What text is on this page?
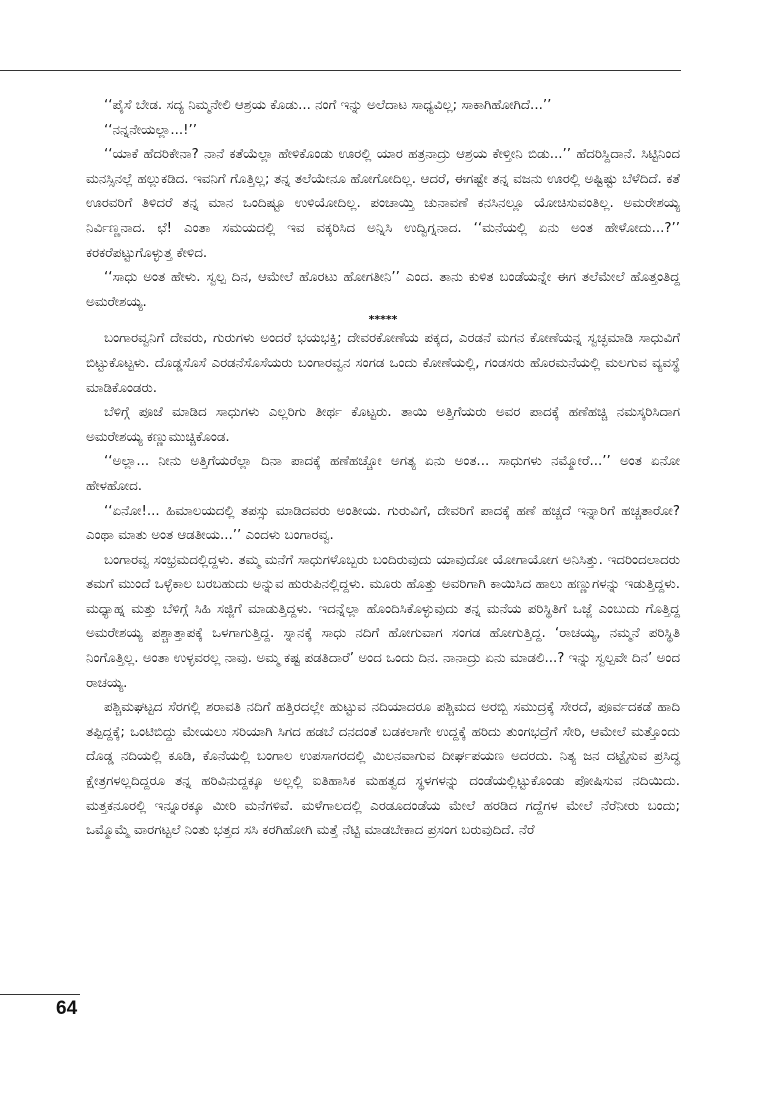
‘‘ಪೈಸೆ ಬೇಡ. ಸದ್ಯ ನಿಮ್ಮನೇಲಿ ಆಶ್ರಯ ಕೊಡು... ನಂಗೆ ಇನ್ನು ಅಲೆದಾಟ ಸಾಧ್ಯವಿಲ್ಲ; ಸಾಕಾಗಿಹೋಗಿದೆ...’’

‘‘ನನ್ನನೇಯಲ್ಲಾ...!’’

‘‘ಯಾಕೆ ಹೆದರಿಕೇನಾ? ನಾನೆ ಕತೆಯೆಲ್ಲಾ ಹೇಳಿಕೊಂಡು ಊರಲ್ಲಿ ಯಾರ ಹತ್ರನಾದ್ರು ಆಶ್ರಯ ಕೇಳ್ತೀನಿ ಬಿಡು...’’ ಹೆದರಿಸ್ದಿದಾನೆ. ಸಿಟ್ಟಿನಿಂದ ಮನಸ್ಸಿನಲ್ಲೆ ಹಲ್ಲುಕಡಿದ. ಇವನಿಗೆ ಗೊತ್ತಿಲ್ಲ; ತನ್ನ ತಲೆಯೇನೂ ಹೋಗೋದಿಲ್ಲ. ಆದರೆ, ಈಗಷ್ಟೇ ತನ್ನ ವಜನು ಊರಲ್ಲಿ ಅಷ್ಟಿಷ್ಟು ಬೆಳೆದಿದೆ. ಕತೆ ಊರವರಿಗೆ ತಿಳಿದರೆ ತನ್ನ ಮಾನ ಒಂದಿಷ್ಟೂ ಉಳಿಯೋದಿಲ್ಲ. ಪಂಚಾಯ್ತಿ ಚುನಾವಣೆ ಕನಸಿನಲ್ಲೂ ಯೋಚಿಸುವಂತಿಲ್ಲ. ಅಮರೇಶಯ್ಯ ನಿರ್ವಿಣ್ಣನಾದ. ಛೆ! ಎಂತಾ ಸಮಯದಲ್ಲಿ ಇವ ವಕ್ಕರಿಸಿದ ಅನ್ನಿಸಿ ಉದ್ವಿಗ್ನನಾದ. ‘‘ಮನೆಯಲ್ಲಿ ಏನು ಅಂತ ಹೇಳೋದು...?’’ ಕರಕರೆಪಟ್ಟುಗೊಳ್ಳುತ್ತ ಕೇಳಿದ.

‘‘ಸಾಧು ಅಂತ ಹೇಳು. ಸ್ವಲ್ಪ ದಿನ, ಆಮೇಲೆ ಹೊರಟು ಹೋಗತೀನಿ’’ ಎಂದ. ತಾನು ಕುಳಿತ ಬಂಡೆಯನ್ನೇ ಈಗ ತಲೆಮೇಲೆ ಹೊತ್ತಂತಿದ್ದ ಅಮರೇಶಯ್ಯ.

*****

ಬಂಗಾರವ್ವನಿಗೆ ದೇವರು, ಗುರುಗಳು ಅಂದರೆ ಭಯಭಕ್ತಿ; ದೇವರಕೋಣೆಯ ಪಕ್ಕದ, ಎರಡನೆ ಮಗನ ಕೋಣೆಯನ್ನ ಸ್ವಚ್ಛಮಾಡಿ ಸಾಧುವಿಗೆ ಬಿಟ್ಟುಕೊಟ್ಟಳು. ದೊಡ್ಡಸೊಸೆ ಎರಡನೆಸೊಸೆಯರು ಬಂಗಾರವ್ವನ ಸಂಗಡ ಒಂದು ಕೋಣೆಯಲ್ಲಿ, ಗಂಡಸರು ಹೊರಮನೆಯಲ್ಲಿ ಮಲಗುವ ವ್ಯವಸ್ಥೆ ಮಾಡಿಕೊಂಡರು.

ಬೆಳಿಗ್ಗೆ ಪೂಜೆ ಮಾಡಿದ ಸಾಧುಗಳು ಎಲ್ಲರಿಗು ತೀರ್ಥ ಕೊಟ್ಟರು. ತಾಯಿ ಅತ್ತಿಗೆಯರು ಅವರ ಪಾದಕ್ಕೆ ಹಣೆಹಚ್ಚಿ ನಮಸ್ಕರಿಸಿದಾಗ ಅಮರೇಶಯ್ಯ ಕಣ್ಣುಮುಚ್ಚಿಕೊಂಡ.

‘‘ಅಲ್ಲಾ... ನೀನು ಅತ್ತಿಗೆಯರೆಲ್ಲಾ ದಿನಾ ಪಾದಕ್ಕೆ ಹಣೆಹಚ್ಚೋ ಅಗತ್ಯ ಏನು ಅಂತ... ಸಾಧುಗಳು ನಮ್ಮೋರೆ...’’ ಅಂತ ಏನೋ ಹೇಳಹೋದ.

‘‘ಏನೋ!... ಹಿಮಾಲಯದಲ್ಲಿ ತಪಸ್ಸು ಮಾಡಿದವರು ಅಂತೀಯ. ಗುರುವಿಗೆ, ದೇವರಿಗೆ ಪಾದಕ್ಕೆ ಹಣೆ ಹಚ್ಚದೆ ಇನ್ನಾರಿಗೆ ಹಚ್ಚತಾರೋ? ಎಂಥಾ ಮಾತು ಅಂತ ಆಡತೀಯ...’’ ಎಂದಳು ಬಂಗಾರವ್ವ.

ಬಂಗಾರವ್ವ ಸಂಭ್ರಮದಲ್ಲಿದ್ದಳು. ತಮ್ಮ ಮನೆಗೆ ಸಾಧುಗಳೊಬ್ಬರು ಬಂದಿರುವುದು ಯಾವುದೋ ಯೋಗಾಯೋಗ ಅನಿಸಿತ್ತು. ಇದರಿಂದಲಾದರು ತಮಗೆ ಮುಂದೆ ಒಳ್ಳೆಕಾಲ ಬರಬಹುದು ಅನ್ನುವ ಹುರುಪಿನಲ್ಲಿದ್ದಳು. ಮೂರು ಹೊತ್ತು ಅವರಿಗಾಗಿ ಕಾಯಿಸಿದ ಹಾಲು ಹಣ್ಣುಗಳನ್ನು ಇಡುತ್ತಿದ್ದಳು. ಮಧ್ಯಾಹ್ನ ಮತ್ತು ಬೆಳಿಗ್ಗೆ ಸಿಹಿ ಸಜ್ಜಿಗೆ ಮಾಡುತ್ತಿದ್ದಳು. ಇದನ್ನೆಲ್ಲಾ ಹೊಂದಿಸಿಕೊಳ್ಳುವುದು ತನ್ನ ಮನೆಯ ಪರಿಸ್ಥಿತಿಗೆ ಒಜ್ಜೆ ಎಂಬುದು ಗೊತ್ತಿದ್ದ ಅಮರೇಶಯ್ಯ ಪಶ್ಚಾತ್ತಾಪಕ್ಕೆ ಒಳಗಾಗುತ್ತಿದ್ದ. ಸ್ನಾನಕ್ಕೆ ಸಾಧು ನದಿಗೆ ಹೋಗುವಾಗ ಸಂಗಡ ಹೋಗುತ್ತಿದ್ದ. ‘ರಾಚಯ್ಯ, ನಮ್ಮನೆ ಪರಿಸ್ಥಿತಿ ನಿಂಗೊತ್ತಿಲ್ಲ. ಅಂತಾ ಉಳ್ಳವರಲ್ಲ ನಾವು. ಅಮ್ಮ ಕಷ್ಟ ಪಡತಿದಾರೆ’ ಅಂದ ಒಂದು ದಿನ. ನಾನಾದ್ರು ಏನು ಮಾಡಲಿ...? ಇನ್ನು ಸ್ವಲ್ಪವೇ ದಿನ’ ಅಂದ ರಾಚಯ್ಯ.

ಪಶ್ಚಿಮಘಟ್ಟದ ಸೆರಗಲ್ಲಿ ಶರಾವತಿ ನದಿಗೆ ಹತ್ತಿರದಲ್ಲೇ ಹುಟ್ಟುವ ನದಿಯಾದರೂ ಪಶ್ಚಿಮದ ಅರಬ್ಬಿ ಸಮುದ್ರಕ್ಕೆ ಸೇರದೆ, ಪೂರ್ವದಕಡೆ ಹಾದಿ ತಪ್ಪಿದ್ದಕ್ಕೆ; ಒಂಟಿಬಿದ್ದು ಮೇಯಲು ಸರಿಯಾಗಿ ಸಿಗದ ಹಡಬೆ ದನದಂತೆ ಬಡಕಲಾಗೇ ಉದ್ದಕ್ಕೆ ಹರಿದು ತುಂಗಭದ್ರೆಗೆ ಸೇರಿ, ಆಮೇಲೆ ಮತ್ತೊಂದು ದೊಡ್ಡ ನದಿಯಲ್ಲಿ ಕೂಡಿ, ಕೊನೆಯಲ್ಲಿ ಬಂಗಾಲ ಉಪಸಾಗರದಲ್ಲಿ ಮಿಲನವಾಗುವ ದೀರ್ಘಪಯಣ ಅದರದು. ನಿತ್ಯ ಜನ ದಟ್ಟೈಸುವ ಪ್ರಸಿದ್ಧ ಕ್ಷೇತ್ರಗಳಲ್ಲದಿದ್ದರೂ ತನ್ನ ಹರಿವಿನುದ್ದಕ್ಕೂ ಅಲ್ಲಲ್ಲಿ ಐತಿಹಾಸಿಕ ಮಹತ್ವದ ಸ್ಥಳಗಳನ್ನು ದಂಡೆಯಲ್ಲಿಟ್ಟುಕೊಂಡು ಪೋಷಿಸುವ ನದಿಯಿದು. ಮತ್ತಕನೂರಲ್ಲಿ ಇನ್ನೂರಕ್ಕೂ ಮೀರಿ ಮನೆಗಳಿವೆ. ಮಳೆಗಾಲದಲ್ಲಿ ಎರಡೂದಂಡೆಯ ಮೇಲೆ ಹರಡಿದ ಗದ್ದೆಗಳ ಮೇಲೆ ನೆರೆನೀರು ಬಂದು; ಒಮ್ಮೊಮ್ಮೆ ವಾರಗಟ್ಟಲೆ ನಿಂತು ಭತ್ತದ ಸಸಿ ಕರಗಿಹೋಗಿ ಮತ್ತೆ ನೆಟ್ಟಿ ಮಾಡಬೇಕಾದ ಪ್ರಸಂಗ ಬರುವುದಿದೆ. ನೆರೆ

64
